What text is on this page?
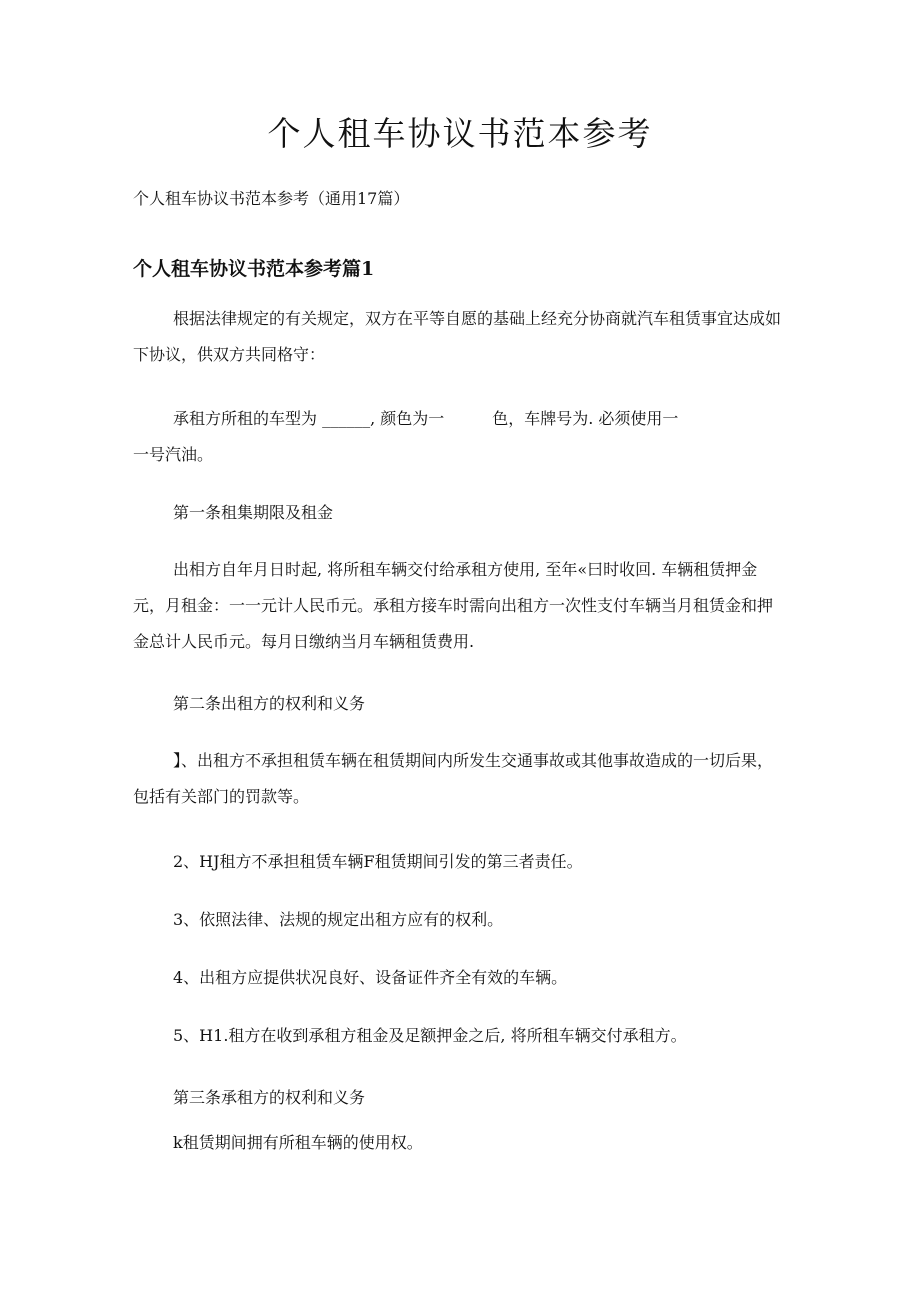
个人租车协议书范本参考

个人租车协议书范本参考（通用17篇）

个人租车协议书范本参考篇1

根据法律规定的有关规定，双方在平等自愿的基础上经充分协商就汽车租赁事宜达成如下协议，供双方共同格守：

承租方所租的车型为 ______, 颜色为一　　　色，车牌号为. 必须使用一

一号汽油。

第一条租集期限及租金

出相方自年月日时起, 将所租车辆交付给承租方使用, 至年«曰时收回. 车辆租赁押金元，月租金：一一元计人民币元。承租方接车时需向出租方一次性支付车辆当月租赁金和押金总计人民币元。每月日缴纳当月车辆租赁费用.

第二条出租方的权利和义务

】、出租方不承担租赁车辆在租赁期间内所发生交通事故或其他事故造成的一切后果，包括有关部门的罚款等。

2、HJ租方不承担租赁车辆F租赁期间引发的第三者责任。

3、依照法律、法规的规定出租方应有的权利。

4、出租方应提供状况良好、设备证件齐全有效的车辆。

5、H1.租方在收到承租方租金及足额押金之后, 将所租车辆交付承租方。

第三条承租方的权利和义务

k租赁期间拥有所租车辆的使用权。
